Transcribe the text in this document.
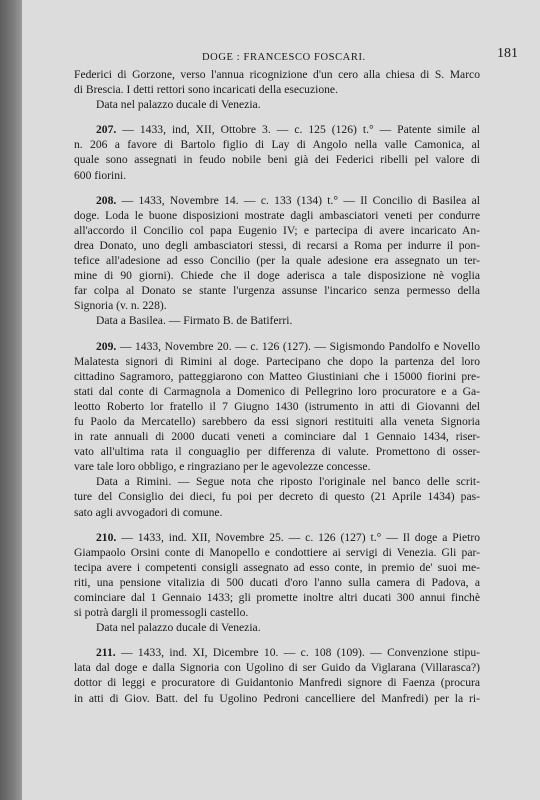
DOGE : FRANCESCO FOSCARI.	181
Federici di Gorzone, verso l'annua ricognizione d'un cero alla chiesa di S. Marco
di Brescia. I detti rettori sono incaricati della esecuzione.
Data nel palazzo ducale di Venezia.
207. — 1433, ind, XII, Ottobre 3. — c. 125 (126) t.° — Patente simile al
n. 206 a favore di Bartolo figlio di Lay di Angolo nella valle Camonica, al
quale sono assegnati in feudo nobile beni già dei Federici ribelli pel valore di
600 fiorini.
208. — 1433, Novembre 14. — c. 133 (134) t.° — Il Concilio di Basilea al
doge. Loda le buone disposizioni mostrate dagli ambasciatori veneti per condurre
all'accordo il Concilio col papa Eugenio IV; e partecipa di avere incaricato An-
drea Donato, uno degli ambasciatori stessi, di recarsi a Roma per indurre il pon-
tefice all'adesione ad esso Concilio (per la quale adesione era assegnato un ter-
mine di 90 giorni). Chiede che il doge aderisca a tale disposizione nè voglia
far colpa al Donato se stante l'urgenza assunse l'incarico senza permesso della
Signoria (v. n. 228).
Data a Basilea. — Firmato B. de Batiferri.
209. — 1433, Novembre 20. — c. 126 (127). — Sigismondo Pandolfo e Novello
Malatesta signori di Rimini al doge. Partecipano che dopo la partenza del loro
cittadino Sagramoro, patteggiarono con Matteo Giustiniani che i 15000 fiorini pre-
stati dal conte di Carmagnola a Domenico di Pellegrino loro procuratore e a Ga-
leotto Roberto lor fratello il 7 Giugno 1430 (istrumento in atti di Giovanni del
fu Paolo da Mercatello) sarebbero da essi signori restituiti alla veneta Signoria
in rate annuali di 2000 ducati veneti a cominciare dal 1 Gennaio 1434, riser-
vato all'ultima rata il conguaglio per differenza di valute. Promettono di osser-
vare tale loro obbligo, e ringraziano per le agevolezze concesse.
Data a Rimini. — Segue nota che riposto l'originale nel banco delle scrit-
ture del Consiglio dei dieci, fu poi per decreto di questo (21 Aprile 1434) pas-
sato agli avvogadori di comune.
210. — 1433, ind. XII, Novembre 25. — c. 126 (127) t.° — Il doge a Pietro
Giampaolo Orsini conte di Manopello e condottiere ai servigi di Venezia. Gli par-
tecipa avere i competenti consigli assegnato ad esso conte, in premio de' suoi me-
riti, una pensione vitalizia di 500 ducati d'oro l'anno sulla camera di Padova, a
cominciare dal 1 Gennaio 1433; gli promette inoltre altri ducati 300 annui finchè
si potrà dargli il promessogli castello.
Data nel palazzo ducale di Venezia.
211. — 1433, ind. XI, Dicembre 10. — c. 108 (109). — Convenzione stipu-
lata dal doge e dalla Signoria con Ugolino di ser Guido da Viglarana (Villarasca?)
dottor di leggi e procuratore di Guidantonio Manfredi signore di Faenza (procura
in atti di Giov. Batt. del fu Ugolino Pedroni cancelliere del Manfredi) per la ri-
